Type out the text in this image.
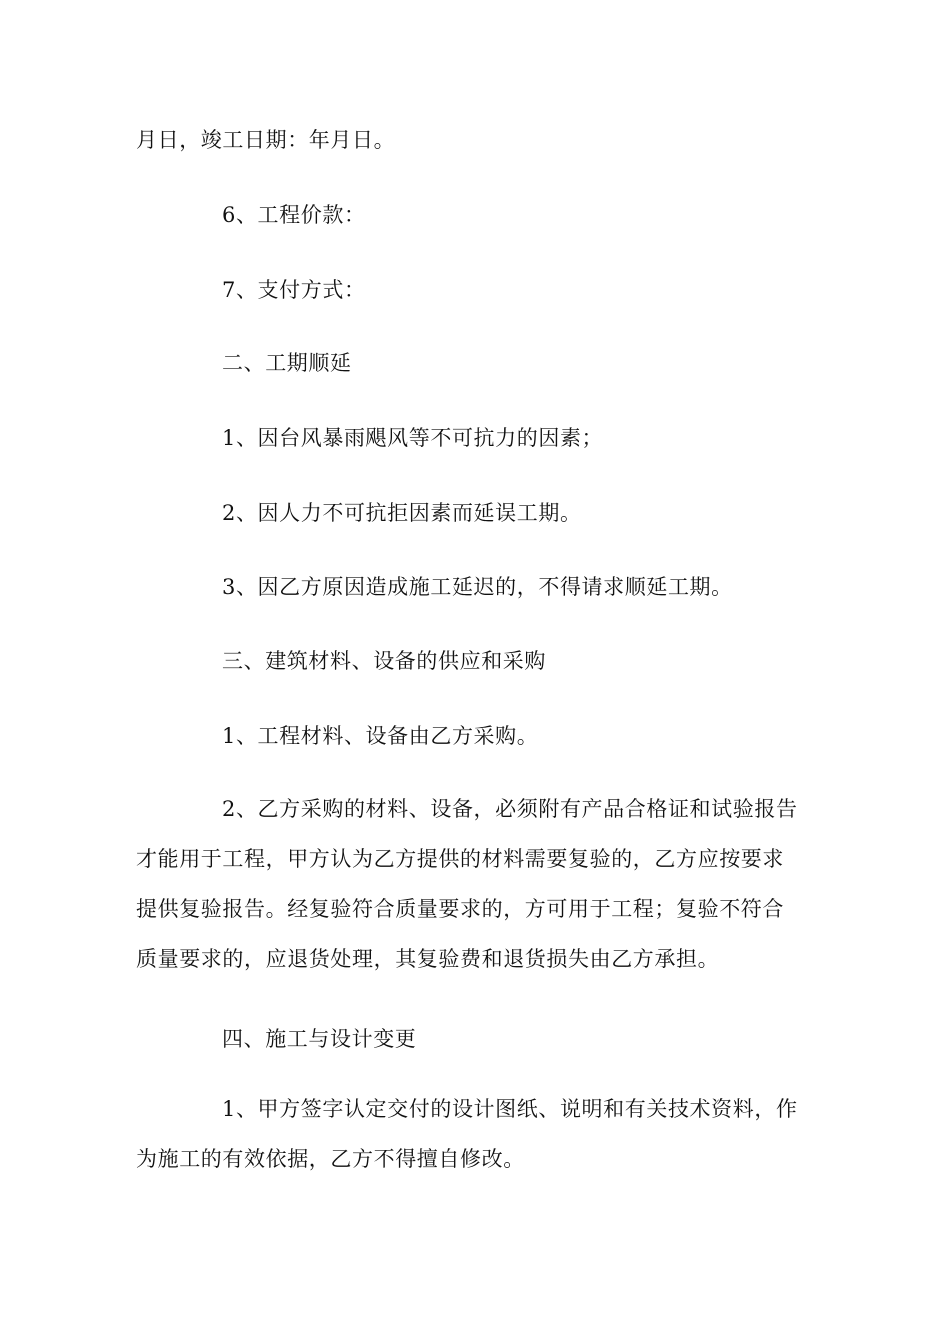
月日，竣工日期：年月日。
6、工程价款：
7、支付方式：
二、工期顺延
1、因台风暴雨飓风等不可抗力的因素；
2、因人力不可抗拒因素而延误工期。
3、因乙方原因造成施工延迟的，不得请求顺延工期。
三、建筑材料、设备的供应和采购
1、工程材料、设备由乙方采购。
2、乙方采购的材料、设备，必须附有产品合格证和试验报告
才能用于工程，甲方认为乙方提供的材料需要复验的，乙方应按要求
提供复验报告。经复验符合质量要求的，方可用于工程；复验不符合
质量要求的，应退货处理，其复验费和退货损失由乙方承担。
四、施工与设计变更
1、甲方签字认定交付的设计图纸、说明和有关技术资料，作
为施工的有效依据，乙方不得擅自修改。
